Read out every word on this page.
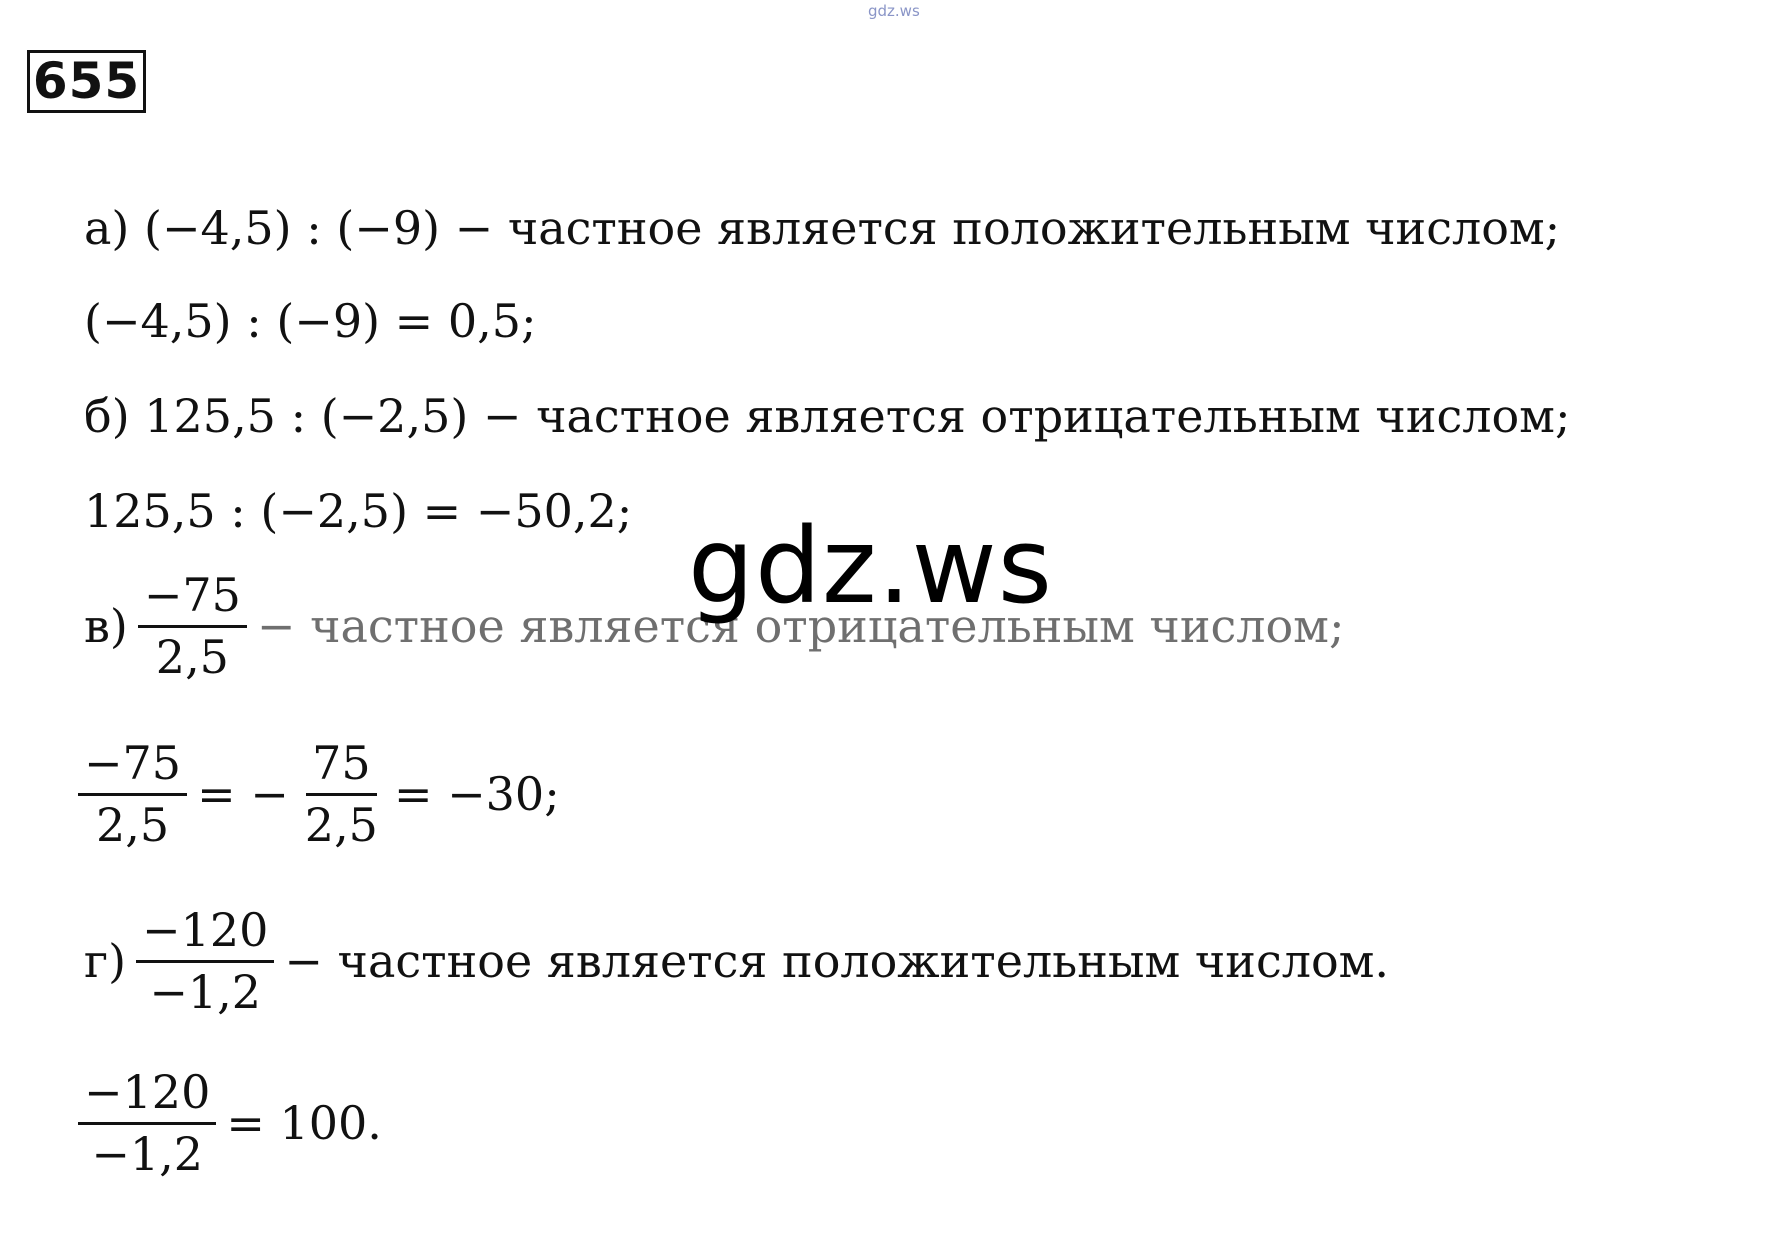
gdz.ws
655
а) (−4,5) : (−9) − частное является положительным числом;
(−4,5) : (−9) = 0,5;
б) 125,5 : (−2,5) − частное является отрицательным числом;
125,5 : (−2,5) = −50,2;
$в) \frac{-75}{2,5}$ − частное является отрицательным числом;
$\frac{-75}{2,5}$ = − $\frac{75}{2,5} = -30$;
$г) \frac{-120}{-1,2}$ − частное является положительным числом.
$\frac{-120}{-1,2} = 100$.
gdz.ws
